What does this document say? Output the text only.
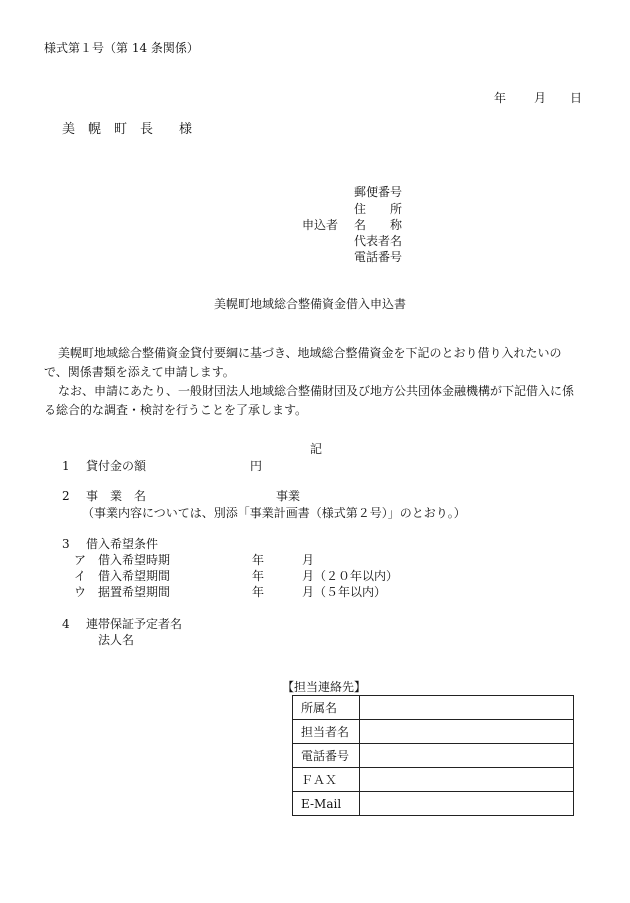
様式第１号（第 14 条関係）
年 月 日
美　幌　町　長　　様
申込者
郵便番号
住　　所
名　　称
代表者名
電話番号
美幌町地域総合整備資金借入申込書
美幌町地域総合整備資金貸付要綱に基づき、地域総合整備資金を下記のとおり借り入れたいので、関係書類を添えて申請します。
なお、申請にあたり、一般財団法人地域総合整備財団及び地方公共団体金融機構が下記借入に係る総合的な調査・検討を行うことを了承します。
記
1 貸付金の額	円
2 事　業　名	事業
（事業内容については、別添「事業計画書（様式第２号）」のとおり。）
3 借入希望条件
ア 借入希望時期	年	月
イ 借入希望期間	年	月 （２０年以内）
ウ 据置希望期間	年	月 （５年以内）
4 連帯保証予定者名
法人名
【担当連絡先】
所属名	
担当者名	
電話番号	
ＦＡＸ	
E-Mail	
